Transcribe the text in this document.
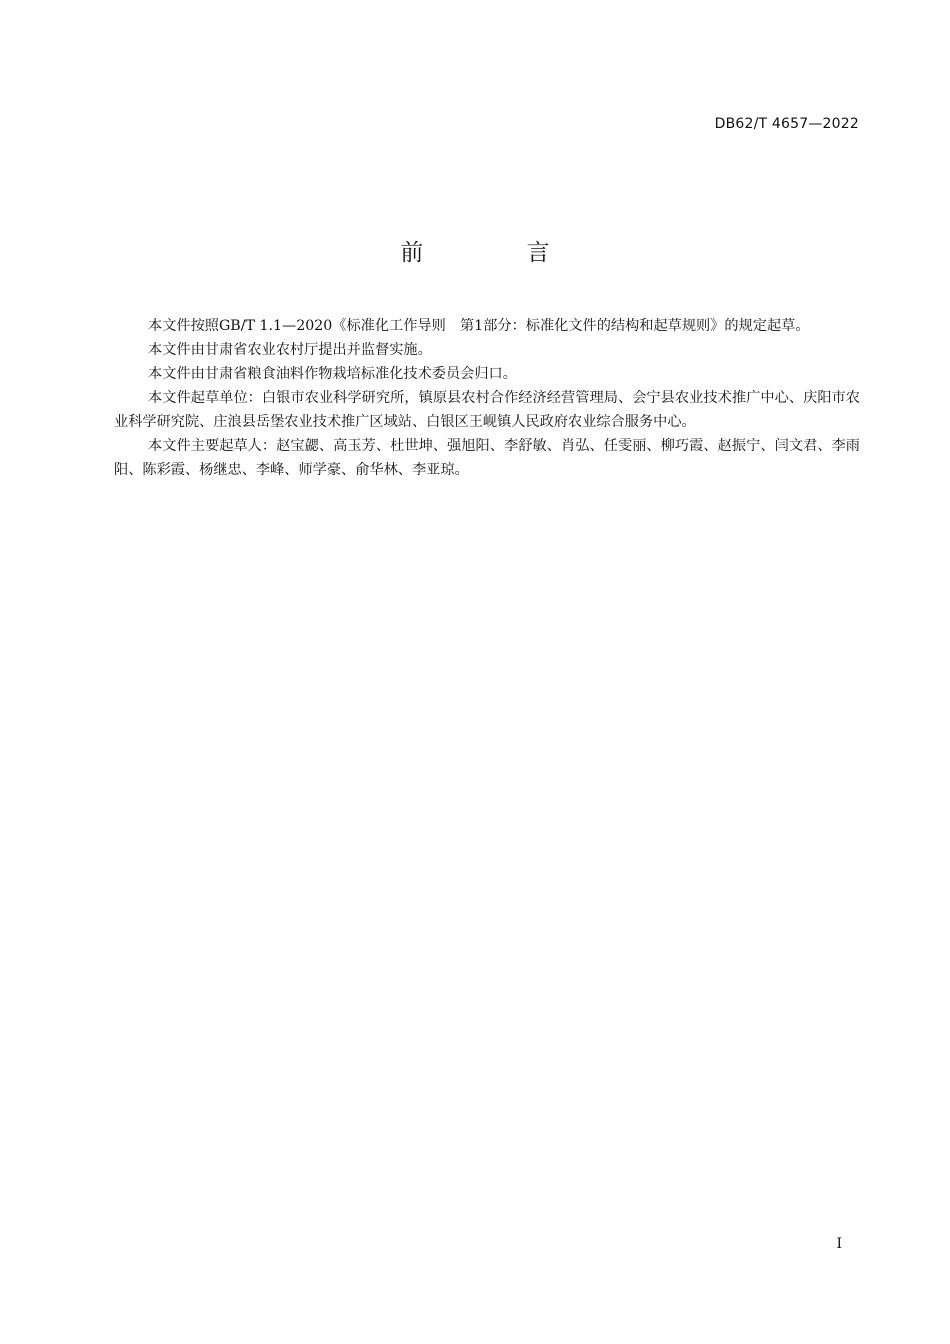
DB62/T 4657—2022
前 言

本文件按照GB/T 1.1—2020《标准化工作导则　第1部分：标准化文件的结构和起草规则》的规定起草。

本文件由甘肃省农业农村厅提出并监督实施。

本文件由甘肃省粮食油料作物栽培标准化技术委员会归口。

本文件起草单位：白银市农业科学研究所，镇原县农村合作经济经营管理局、会宁县农业技术推广中心、庆阳市农业科学研究院、庄浪县岳堡农业技术推广区域站、白银区王岘镇人民政府农业综合服务中心。

本文件主要起草人：赵宝勰、高玉芳、杜世坤、强旭阳、李舒敏、肖弘、任雯丽、柳巧霞、赵振宁、闫文君、李雨阳、陈彩霞、杨继忠、李峰、师学豪、俞华林、李亚琼。

I
